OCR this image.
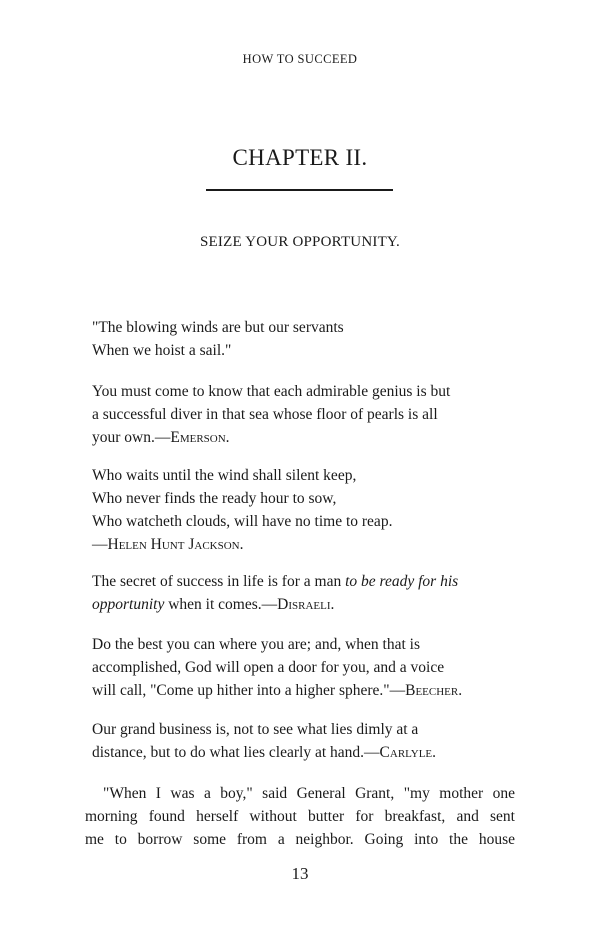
HOW TO SUCCEED
CHAPTER II.
SEIZE YOUR OPPORTUNITY.
"The blowing winds are but our servants
When we hoist a sail."
You must come to know that each admirable genius is but
a successful diver in that sea whose floor of pearls is all
your own.—Emerson.
Who waits until the wind shall silent keep,
Who never finds the ready hour to sow,
Who watcheth clouds, will have no time to reap.
—Helen Hunt Jackson.
The secret of success in life is for a man to be ready for his
opportunity when it comes.—Disraeli.
Do the best you can where you are; and, when that is
accomplished, God will open a door for you, and a voice
will call, "Come up hither into a higher sphere."—Beecher.
Our grand business is, not to see what lies dimly at a
distance, but to do what lies clearly at hand.—Carlyle.
"When I was a boy," said General Grant, "my mother one
morning found herself without butter for breakfast, and sent
me to borrow some from a neighbor. Going into the house
13
